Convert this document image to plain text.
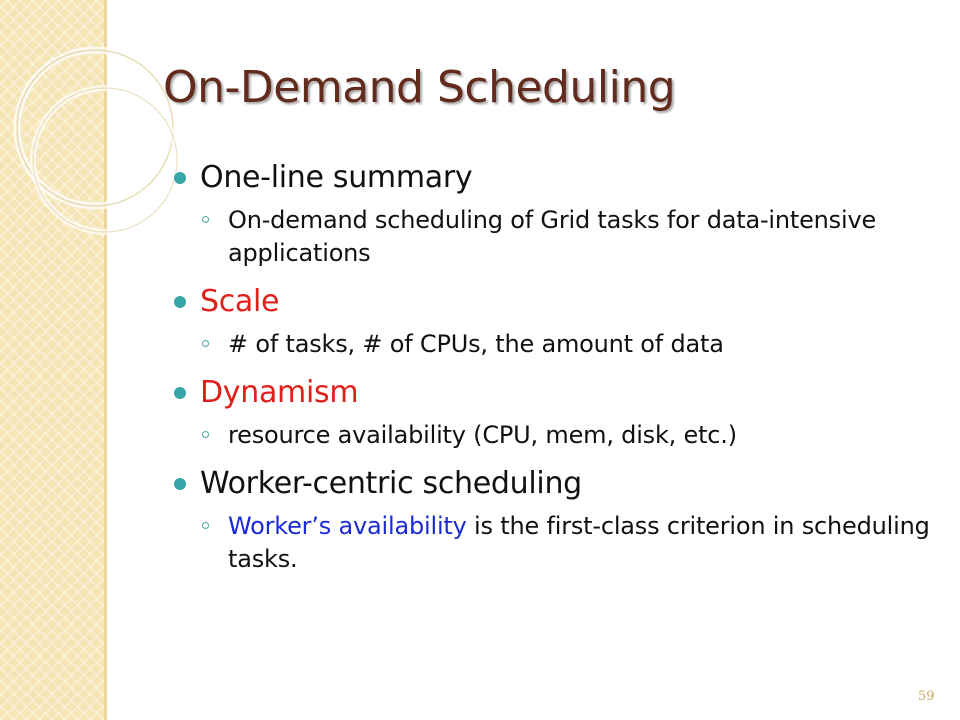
On-Demand Scheduling
One-line summary
On-demand scheduling of Grid tasks for data-intensive applications
Scale
# of tasks, # of CPUs, the amount of data
Dynamism
resource availability (CPU, mem, disk, etc.)
Worker-centric scheduling
Worker’s availability is the first-class criterion in scheduling tasks.
59
